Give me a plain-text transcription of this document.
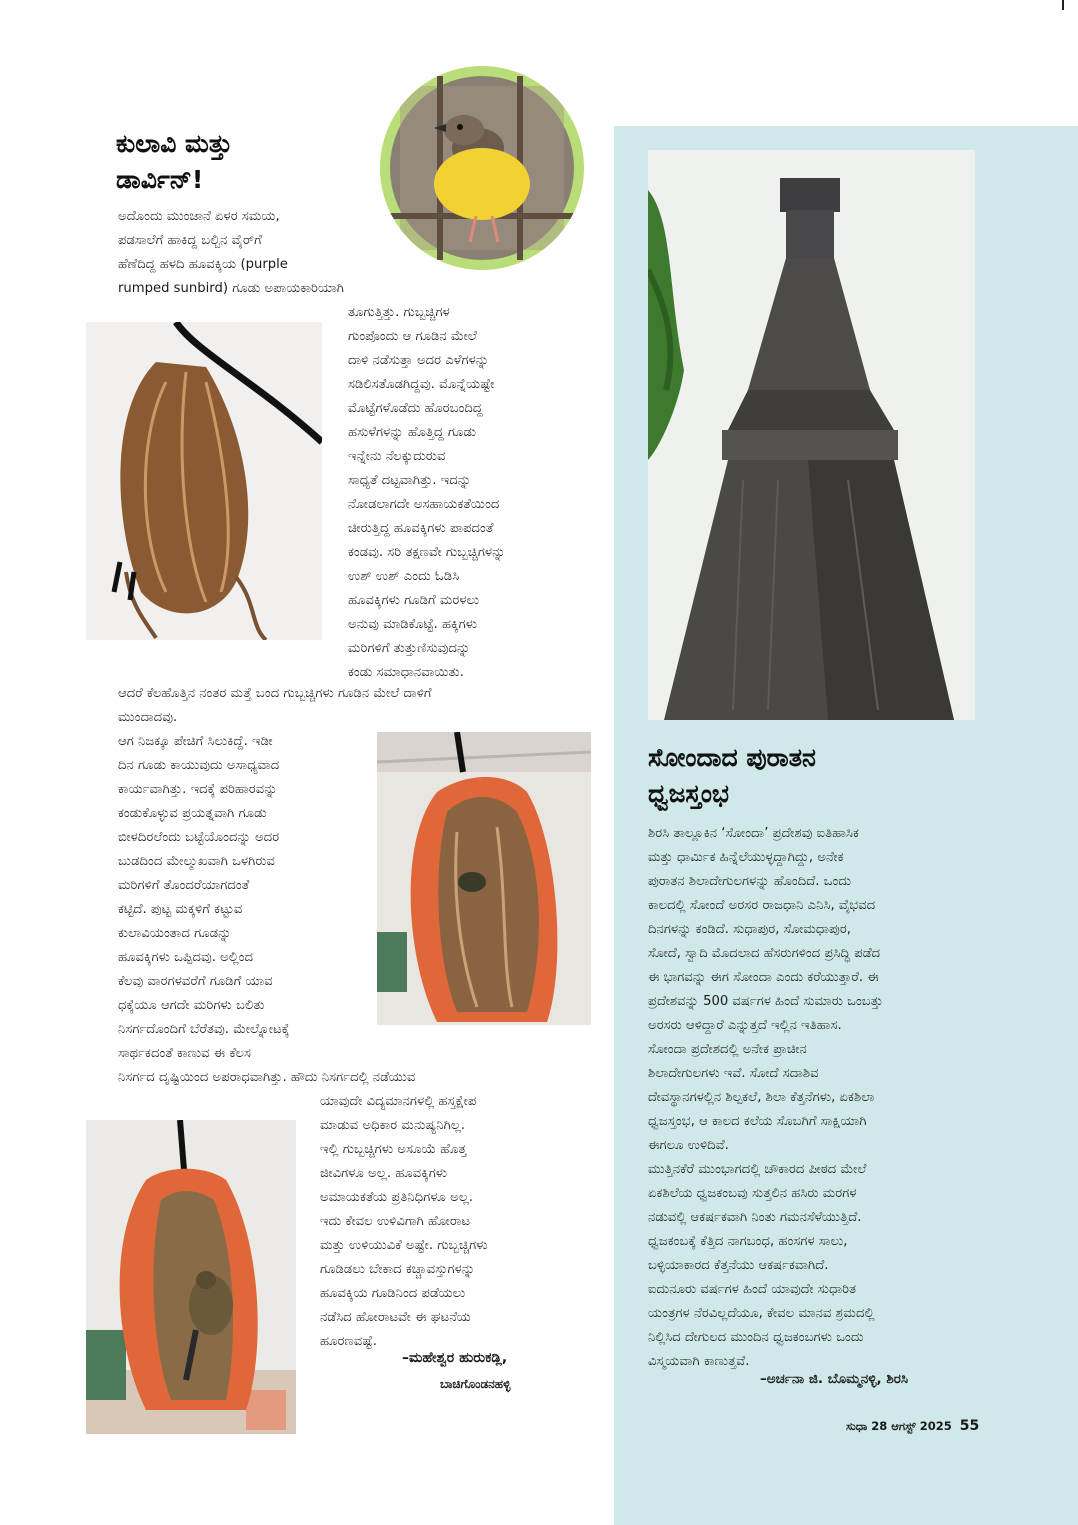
ಕುಲಾವಿ ಮತ್ತು
ಡಾರ್ವಿನ್!
ಅದೊಂದು ಮುಂಜಾನೆ ಏಳರ ಸಮಯ,
ಪಡಸಾಲೆಗೆ ಹಾಕಿದ್ದ ಬಲ್ಬಿನ ವೈರ್‌ಗೆ
ಹೆಣೆದಿದ್ದ ಹಳದಿ ಹೂವಕ್ಕಿಯ (purple
rumped sunbird) ಗೂಡು ಅಪಾಯಕಾರಿಯಾಗಿ
ತೂಗುತ್ತಿತ್ತು. ಗುಬ್ಬಚ್ಚಿಗಳ
ಗುಂಪೊಂದು ಆ ಗೂಡಿನ ಮೇಲೆ
ದಾಳಿ ನಡೆಸುತ್ತಾ ಅದರ ಎಳೆಗಳನ್ನು
ಸಡಿಲಿಸತೊಡಗಿದ್ದವು. ಮೊನ್ನೆಯಷ್ಟೇ
ಮೊಟ್ಟೆಗಳೊಡೆದು ಹೊರಬಂದಿದ್ದ
ಹಸುಳೆಗಳನ್ನು ಹೊತ್ತಿದ್ದ ಗೂಡು
ಇನ್ನೇನು ನೆಲಕ್ಕುದುರುವ
ಸಾಧ್ಯತೆ ದಟ್ಟವಾಗಿತ್ತು. ಇದನ್ನು
ನೋಡಲಾಗದೇ ಅಸಹಾಯಕತೆಯಿಂದ
ಚೀರುತ್ತಿದ್ದ ಹೂವಕ್ಕಿಗಳು ಪಾಪದಂತೆ
ಕಂಡವು. ಸರಿ ತಕ್ಷಣವೇ ಗುಬ್ಬಚ್ಚಿಗಳನ್ನು
ಉಶ್ ಉಶ್ ಎಂದು ಓಡಿಸಿ
ಹೂವಕ್ಕಿಗಳು ಗೂಡಿಗೆ ಮರಳಲು
ಅನುವು ಮಾಡಿಕೊಟ್ಟೆ. ಹಕ್ಕಿಗಳು
ಮರಿಗಳಿಗೆ ತುತ್ತುಣಿಸುವುದನ್ನು
ಕಂಡು ಸಮಾಧಾನವಾಯಿತು.
ಆದರೆ ಕೆಲಹೊತ್ತಿನ ನಂತರ ಮತ್ತೆ ಬಂದ ಗುಬ್ಬಚ್ಚಿಗಳು ಗೂಡಿನ ಮೇಲೆ ದಾಳಿಗೆ
ಮುಂದಾದವು.
ಆಗ ನಿಜಕ್ಕೂ ಪೇಚಿಗೆ ಸಿಲುಕಿದ್ದೆ. ಇಡೀ
ದಿನ ಗೂಡು ಕಾಯುವುದು ಅಸಾಧ್ಯವಾದ
ಕಾರ್ಯವಾಗಿತ್ತು. ಇದಕ್ಕೆ ಪರಿಹಾರವನ್ನು
ಕಂಡುಕೊಳ್ಳುವ ಪ್ರಯತ್ನವಾಗಿ ಗೂಡು
ಬೀಳದಿರಲೆಂದು ಬಟ್ಟೆಯೊಂದನ್ನು ಅದರ
ಬುಡದಿಂದ ಮೇಲ್ಮುಖವಾಗಿ ಒಳಗಿರುವ
ಮರಿಗಳಿಗೆ ತೊಂದರೆಯಾಗದಂತೆ
ಕಟ್ಟಿದೆ. ಪುಟ್ಟ ಮಕ್ಕಳಿಗೆ ಕಟ್ಟುವ
ಕುಲಾವಿಯಂತಾದ ಗೂಡನ್ನು
ಹೂವಕ್ಕಿಗಳು ಒಪ್ಪಿದವು. ಅಲ್ಲಿಂದ
ಕೆಲವು ವಾರಗಳವರೆಗೆ ಗೂಡಿಗೆ ಯಾವ
ಧಕ್ಕೆಯೂ ಆಗದೇ ಮರಿಗಳು ಬಲಿತು
ನಿಸರ್ಗದೊಂದಿಗೆ ಬೆರೆತವು. ಮೇಲ್ನೋಟಕ್ಕೆ
ಸಾರ್ಥಕದಂತೆ ಕಾಣುವ ಈ ಕೆಲಸ
ನಿಸರ್ಗದ ದೃಷ್ಟಿಯಿಂದ ಅಪರಾಧವಾಗಿತ್ತು. ಹೌದು ನಿಸರ್ಗದಲ್ಲಿ ನಡೆಯುವ
ಯಾವುದೇ ವಿದ್ಯಮಾನಗಳಲ್ಲಿ ಹಸ್ತಕ್ಷೇಪ
ಮಾಡುವ ಅಧಿಕಾರ ಮನುಷ್ಯನಿಗಿಲ್ಲ.
ಇಲ್ಲಿ ಗುಬ್ಬಚ್ಚಿಗಳು ಅಸೂಯೆ ಹೊತ್ತ
ಜೀವಿಗಳೂ ಅಲ್ಲ. ಹೂವಕ್ಕಿಗಳು
ಅಮಾಯಕತೆಯ ಪ್ರತಿನಿಧಿಗಳೂ ಅಲ್ಲ.
ಇದು ಕೇವಲ ಉಳಿವಿಗಾಗಿ ಹೋರಾಟ
ಮತ್ತು ಉಳಿಯುವಿಕೆ ಅಷ್ಟೇ. ಗುಬ್ಬಚ್ಚಿಗಳು
ಗೂಡಿಡಲು ಬೇಕಾದ ಕಚ್ಚಾವಸ್ತುಗಳನ್ನು
ಹೂವಕ್ಕಿಯ ಗೂಡಿನಿಂದ ಪಡೆಯಲು
ನಡೆಸಿದ ಹೋರಾಟವೇ ಈ ಘಟನೆಯ
ಹೂರಣವಷ್ಟೆ.
–ಮಹೇಶ್ವರ ಹುರುಕಡ್ಲಿ,
ಬಾಚಿಗೊಂಡನಹಳ್ಳಿ
ಸೋಂದಾದ ಪುರಾತನ
ಧ್ವಜಸ್ತಂಭ
ಶಿರಸಿ ತಾಲ್ಲೂಕಿನ ‘ಸೋಂದಾ’ ಪ್ರದೇಶವು ಐತಿಹಾಸಿಕ
ಮತ್ತು ಧಾರ್ಮಿಕ ಹಿನ್ನೆಲೆಯುಳ್ಳದ್ದಾಗಿದ್ದು, ಅನೇಕ
ಪುರಾತನ ಶಿಲಾದೇಗುಲಗಳನ್ನು ಹೊಂದಿದೆ. ಒಂದು
ಕಾಲದಲ್ಲಿ ಸೋಂದೆ ಅರಸರ ರಾಜಧಾನಿ ಎನಿಸಿ, ವೈಭವದ
ದಿನಗಳನ್ನು ಕಂಡಿದೆ. ಸುಧಾಪುರ, ಸೋಮಧಾಪುರ,
ಸೋದೆ, ಸ್ವಾದಿ ಮೊದಲಾದ ಹೆಸರುಗಳಿಂದ ಪ್ರಸಿದ್ಧಿ ಪಡೆದ
ಈ ಭಾಗವನ್ನು ಈಗ ಸೋಂದಾ ಎಂದು ಕರೆಯುತ್ತಾರೆ. ಈ
ಪ್ರದೇಶವನ್ನು 500 ವರ್ಷಗಳ ಹಿಂದೆ ಸುಮಾರು ಒಂಬತ್ತು
ಅರಸರು ಆಳಿದ್ದಾರೆ ಎನ್ನುತ್ತದೆ ಇಲ್ಲಿನ ಇತಿಹಾಸ.
ಸೋಂದಾ ಪ್ರದೇಶದಲ್ಲಿ ಅನೇಕ ಪ್ರಾಚೀನ
ಶಿಲಾದೇಗುಲಗಳು ಇವೆ. ಸೋದೆ ಸದಾಶಿವ
ದೇವಸ್ಥಾನಗಳಲ್ಲಿನ ಶಿಲ್ಪಕಲೆ, ಶಿಲಾ ಕೆತ್ತನೆಗಳು, ಏಕಶಿಲಾ
ಧ್ವಜಸ್ತಂಭ, ಆ ಕಾಲದ ಕಲೆಯ ಸೊಬಗಿಗೆ ಸಾಕ್ಷಿಯಾಗಿ
ಈಗಲೂ ಉಳಿದಿವೆ.
ಮುತ್ತಿನಕೆರೆ ಮುಂಭಾಗದಲ್ಲಿ ಚೌಕಾರದ ಪೀಠದ ಮೇಲೆ
ಏಕಶಿಲೆಯ ಧ್ವಜಕಂಬವು ಸುತ್ತಲಿನ ಹಸಿರು ಮರಗಳ
ನಡುವಲ್ಲಿ ಆಕರ್ಷಕವಾಗಿ ನಿಂತು ಗಮನಸೆಳೆಯುತ್ತಿದೆ.
ಧ್ವಜಕಂಬಕ್ಕೆ ಕೆತ್ತಿದ ನಾಗಬಂಧ, ಹಂಸಗಳ ಸಾಲು,
ಬಳ್ಳಿಯಾಕಾರದ ಕೆತ್ತನೆಯು ಆಕರ್ಷಕವಾಗಿದೆ.
ಐದುನೂರು ವರ್ಷಗಳ ಹಿಂದೆ ಯಾವುದೇ ಸುಧಾರಿತ
ಯಂತ್ರಗಳ ನೆರವಿಲ್ಲದೆಯೂ, ಕೇವಲ ಮಾನವ ಶ್ರಮದಲ್ಲಿ
ನಿಲ್ಲಿಸಿದ ದೇಗುಲದ ಮುಂದಿನ ಧ್ವಜಕಂಬಗಳು ಒಂದು
ವಿಸ್ಮಯವಾಗಿ ಕಾಣುತ್ತವೆ.
–ಅರ್ಚನಾ ಜಿ. ಬೊಮ್ಮನಳ್ಳಿ, ಶಿರಸಿ
ಸುಧಾ 28 ಆಗಸ್ಟ್ 2025 55
